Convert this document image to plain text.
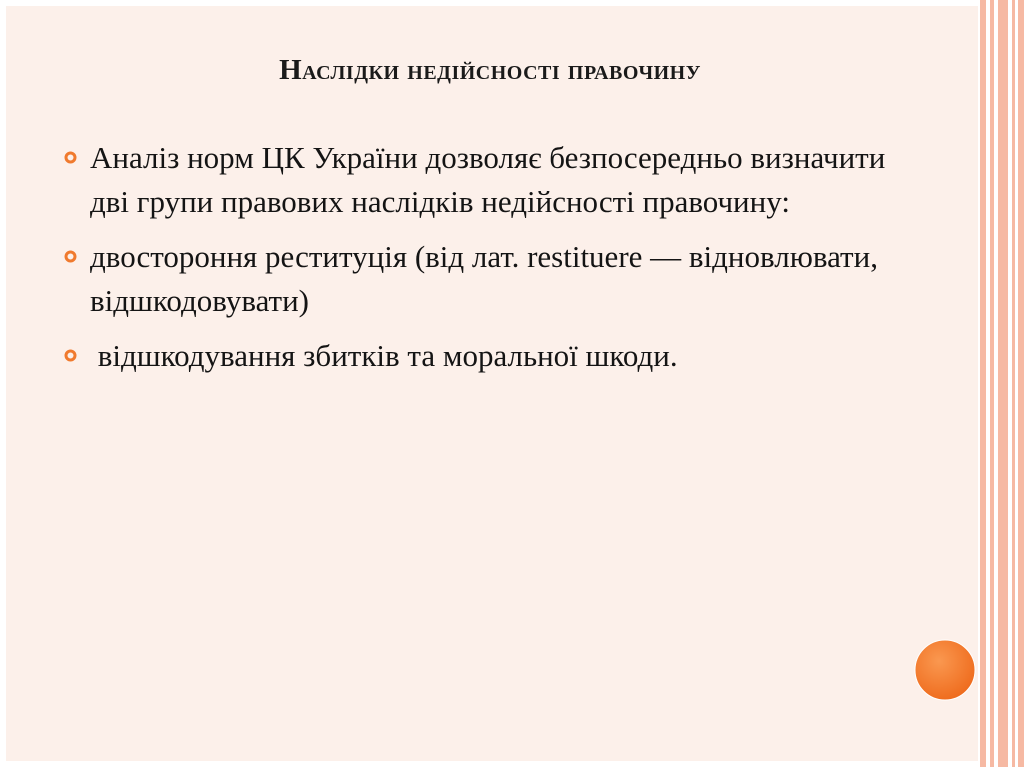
Наслідки недійсності правочину
Аналіз норм ЦК України дозволяє безпосередньо визначити дві групи правових наслідків недійсності правочину:
двостороння реституція (від лат. restituere — відновлювати, відшкодовувати)
відшкодування збитків та моральної шкоди.
